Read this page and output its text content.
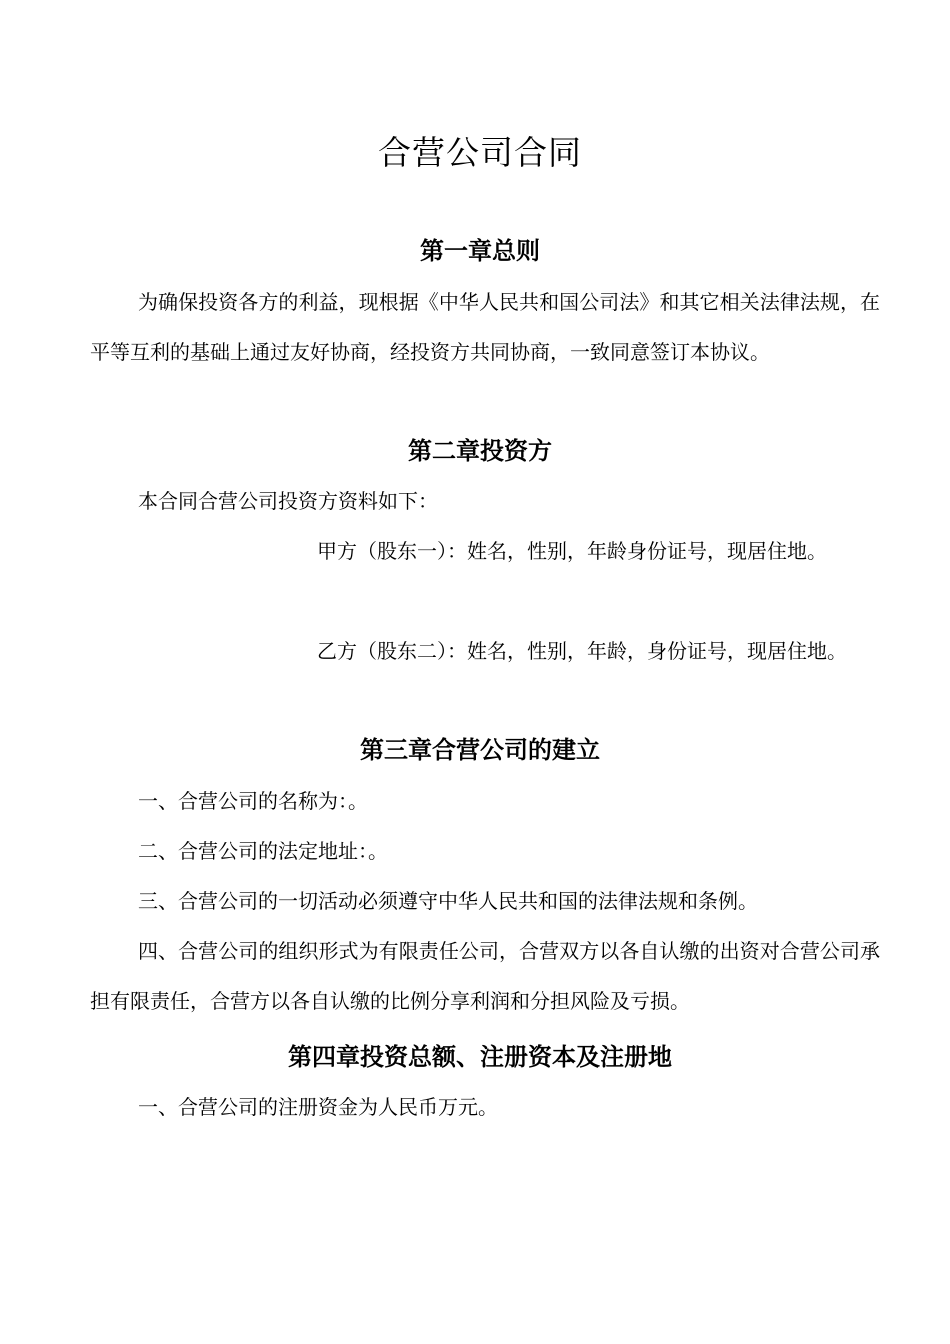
合营公司合同
第一章总则

为确保投资各方的利益，现根据《中华人民共和国公司法》和其它相关法律法规，在平等互利的基础上通过友好协商，经投资方共同协商，一致同意签订本协议。

第二章投资方

本合同合营公司投资方资料如下：

甲方（股东一）：姓名，性别，年龄身份证号，现居住地。

乙方（股东二）：姓名，性别，年龄，身份证号，现居住地。

第三章合营公司的建立

一、合营公司的名称为：。

二、合营公司的法定地址：。

三、合营公司的一切活动必须遵守中华人民共和国的法律法规和条例。

四、合营公司的组织形式为有限责任公司，合营双方以各自认缴的出资对合营公司承担有限责任，合营方以各自认缴的比例分享利润和分担风险及亏损。

第四章投资总额、注册资本及注册地

一、合营公司的注册资金为人民币万元。
